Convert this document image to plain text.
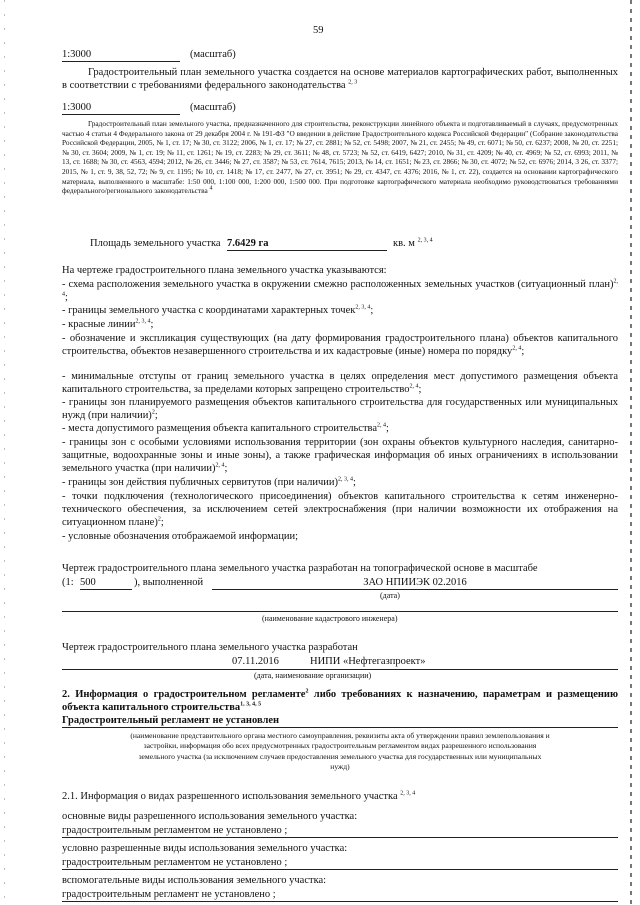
59
1:3000	(масштаб)
Градостроительный план земельного участка создается на основе материалов картографических работ, выполненных в соответствии с требованиями федерального законодательства $^{2, 3}$
1:3000	(масштаб)
Градостроительный план земельного участка, предназначенного для строительства, реконструкции линейного объекта и подготавливаемый в случаях, предусмотренных частью 4 статьи 4 Федерального закона от 29 декабря 2004 г. № 191-ФЗ "О введении в действие Градостроительного кодекса Российской Федерации" (Собрание законодательства Российской Федерации, 2005, № 1, ст. 17; № 30, ст. 3122; 2006, № 1, ст. 17; № 27, ст. 2881; № 52, ст. 5498; 2007, № 21, ст. 2455; № 49, ст. 6071; № 50, ст. 6237; 2008, № 20, ст. 2251; № 30, ст. 3604; 2009, № 1, ст. 19; № 11, ст. 1261; № 19, ст. 2283; № 29, ст. 3611; № 48, ст. 5723; № 52, ст. 6419, 6427; 2010, № 31, ст. 4209; № 40, ст. 4969; № 52, ст. 6993; 2011, № 13, ст. 1688; № 30, ст. 4563, 4594; 2012, № 26, ст. 3446; № 27, ст. 3587; № 53, ст. 7614, 7615; 2013, № 14, ст. 1651; № 23, ст. 2866; № 30, ст. 4072; № 52, ст. 6976; 2014, 3 26, ст. 3377; 2015, № 1, ст. 9, 38, 52, 72; № 9, ст. 1195; № 10, ст. 1418; № 17, ст. 2477, № 27, ст. 3951; № 29, ст. 4347, ст. 4376; 2016, № 1, ст. 22), создается на основании картографического материала, выполненного в масштабе: 1:50 000, 1:100 000, 1:200 000, 1:500 000. При подготовке картографического материала необходимо руководствоваться требованиями федерального/регионального законодательства $^4$
Площадь земельного участка 7.6429 га	кв. м $^{2, 3, 4}$
На чертеже градостроительного плана земельного участка указываются:
- схема расположения земельного участка в окружении смежно расположенных земельных участков (ситуационный план)$^{2, 4}$;
- границы земельного участка с координатами характерных точек$^{2, 3, 4}$;
- красные линии$^{2, 3, 4}$;
- обозначение и экспликация существующих (на дату формирования градостроительного плана) объектов капитального строительства, объектов незавершенного строительства и их кадастровые (иные) номера по порядку$^{2, 4}$;
- минимальные отступы от границ земельного участка в целях определения мест допустимого размещения объекта капитального строительства, за пределами которых запрещено строительство$^{2, 4}$;
- границы зон планируемого размещения объектов капитального строительства для государственных или муниципальных нужд (при наличии)$^2$;
- места допустимого размещения объекта капитального строительства$^{2, 4}$;
- границы зон с особыми условиями использования территории (зон охраны объектов культурного наследия, санитарно-защитные, водоохранные зоны и иные зоны), а также графическая информация об иных ограничениях в использовании земельного участка (при наличии)$^{2, 4}$;
- границы зон действия публичных сервитутов (при наличии)$^{2, 3, 4}$;
- точки подключения (технологического присоединения) объектов капитального строительства к сетям инженерно-технического обеспечения, за исключением сетей электроснабжения (при наличии возможности их отображения на ситуационном плане)$^2$;
- условные обозначения отображаемой информации;
Чертеж градостроительного плана земельного участка разработан на топографической основе в масштабе
(1: 500	), выполненной	ЗАО НПИИЭК 02.2016
(дата)
(наименование кадастрового инженера)
Чертеж градостроительного плана земельного участка разработан
07.11.2016	НИПИ «Нефтегазпроект»
(дата, наименование организации)
2. Информация о градостроительном регламенте$^2$ либо требованиях к назначению, параметрам и размещению объекта капитального строительства$^{1, 3, 4, 5}$
Градостроительный регламент не установлен
(наименование представительного органа местного самоуправления, реквизиты акта об утверждении правил землепользования и застройки, информация обо всех предусмотренных градостроительным регламентом видах разрешенного использования земельного участка (за исключением случаев предоставления земельного участка для государственных или муниципальных нужд)
2.1. Информация о видах разрешенного использования земельного участка $^{2, 3, 4}$
основные виды разрешенного использования земельного участка:
градостроительным регламентом не установлено ;
условно разрешенные виды использования земельного участка:
градостроительным регламентом не установлено ;
вспомогательные виды использования земельного участка:
градостроительным регламент не установлено ;
